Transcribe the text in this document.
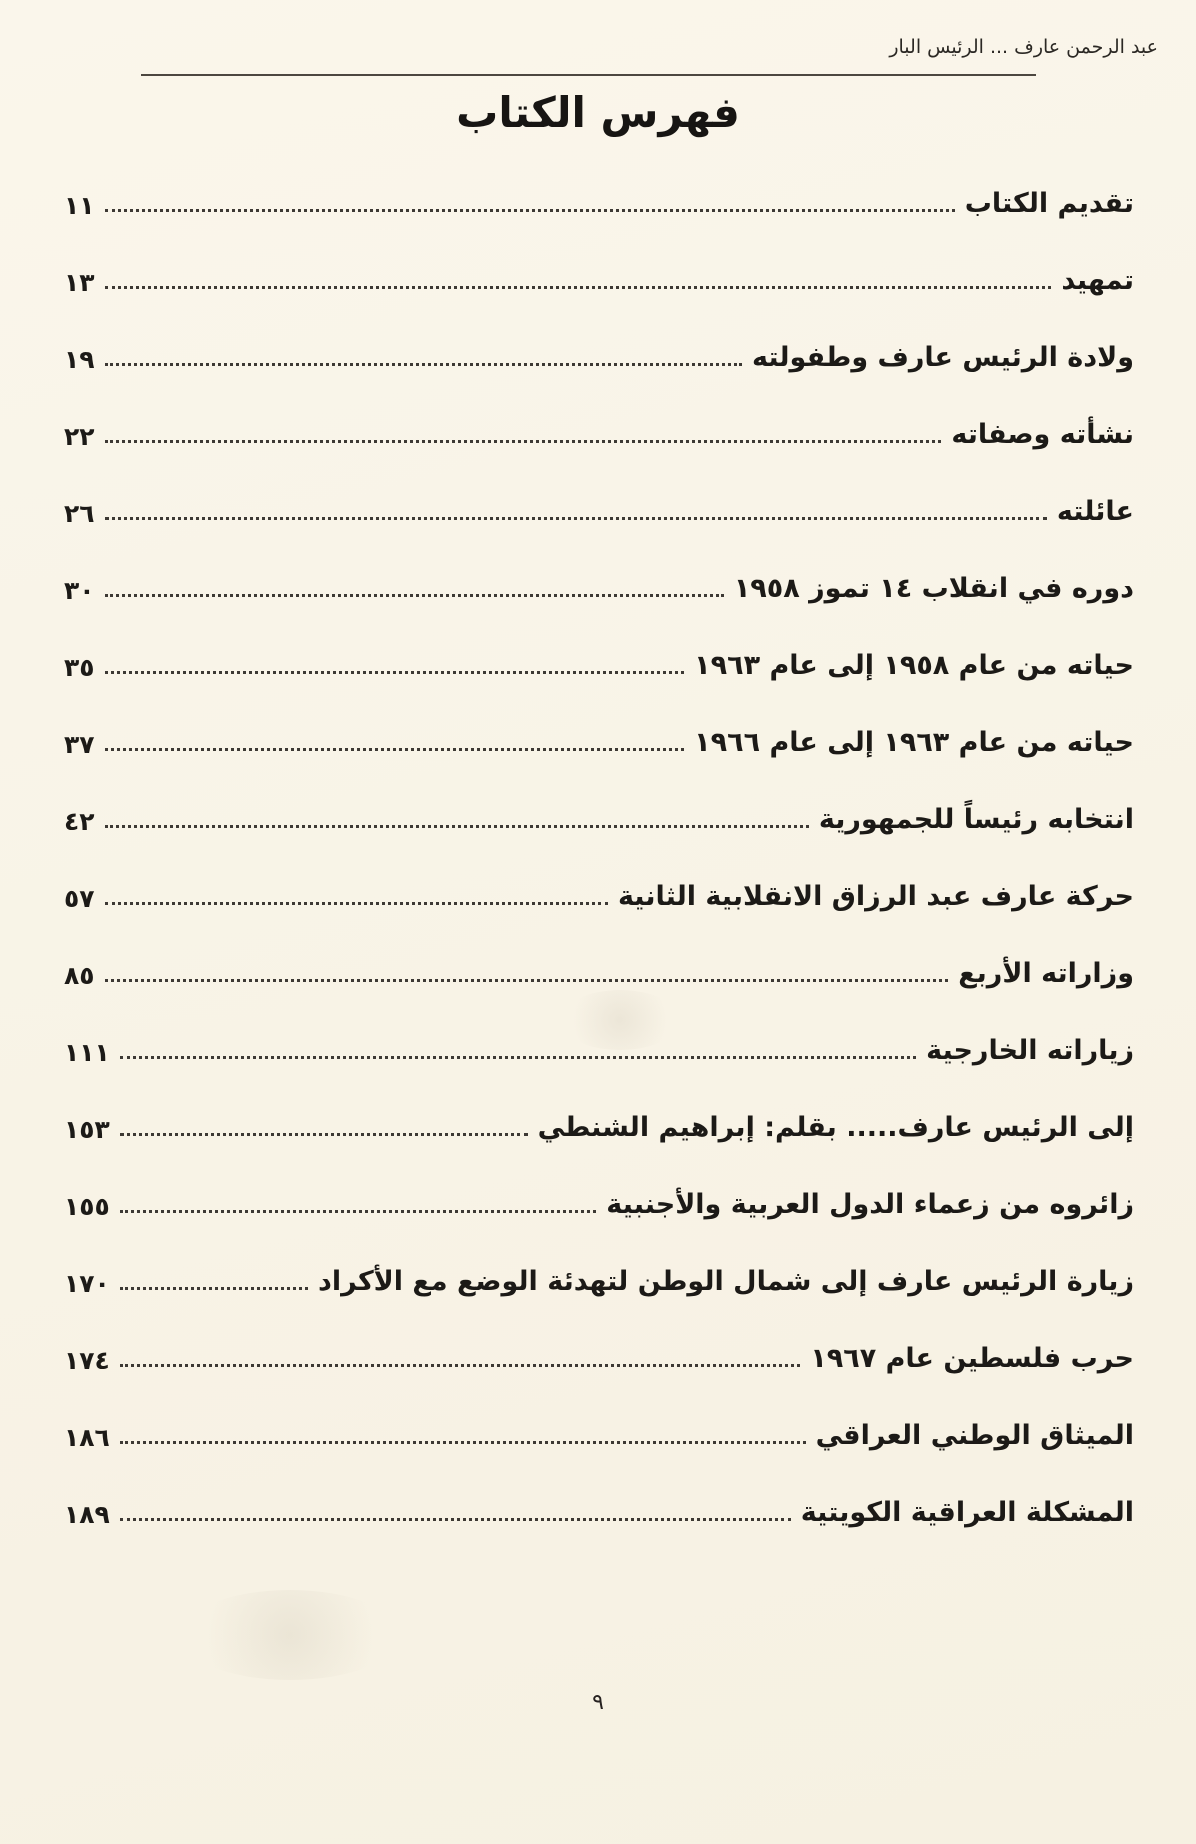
عبد الرحمن عارف ... الرئيس البار
فهرس الكتاب
تقديم الكتاب
١١
تمهيد
١٣
ولادة الرئيس عارف وطفولته
١٩
نشأته وصفاته
٢٢
عائلته
٢٦
دوره في انقلاب ١٤ تموز ١٩٥٨
٣٠
حياته من عام ١٩٥٨ إلى عام ١٩٦٣
٣٥
حياته من عام ١٩٦٣ إلى عام ١٩٦٦
٣٧
انتخابه رئيساً للجمهورية
٤٢
حركة عارف عبد الرزاق الانقلابية الثانية
٥٧
وزاراته الأربع
٨٥
زياراته الخارجية
١١١
إلى الرئيس عارف..... بقلم: إبراهيم الشنطي
١٥٣
زائروه من زعماء الدول العربية والأجنبية
١٥٥
زيارة الرئيس عارف إلى شمال الوطن لتهدئة الوضع مع الأكراد
١٧٠
حرب فلسطين عام ١٩٦٧
١٧٤
الميثاق الوطني العراقي
١٨٦
المشكلة العراقية الكويتية
١٨٩
٩
